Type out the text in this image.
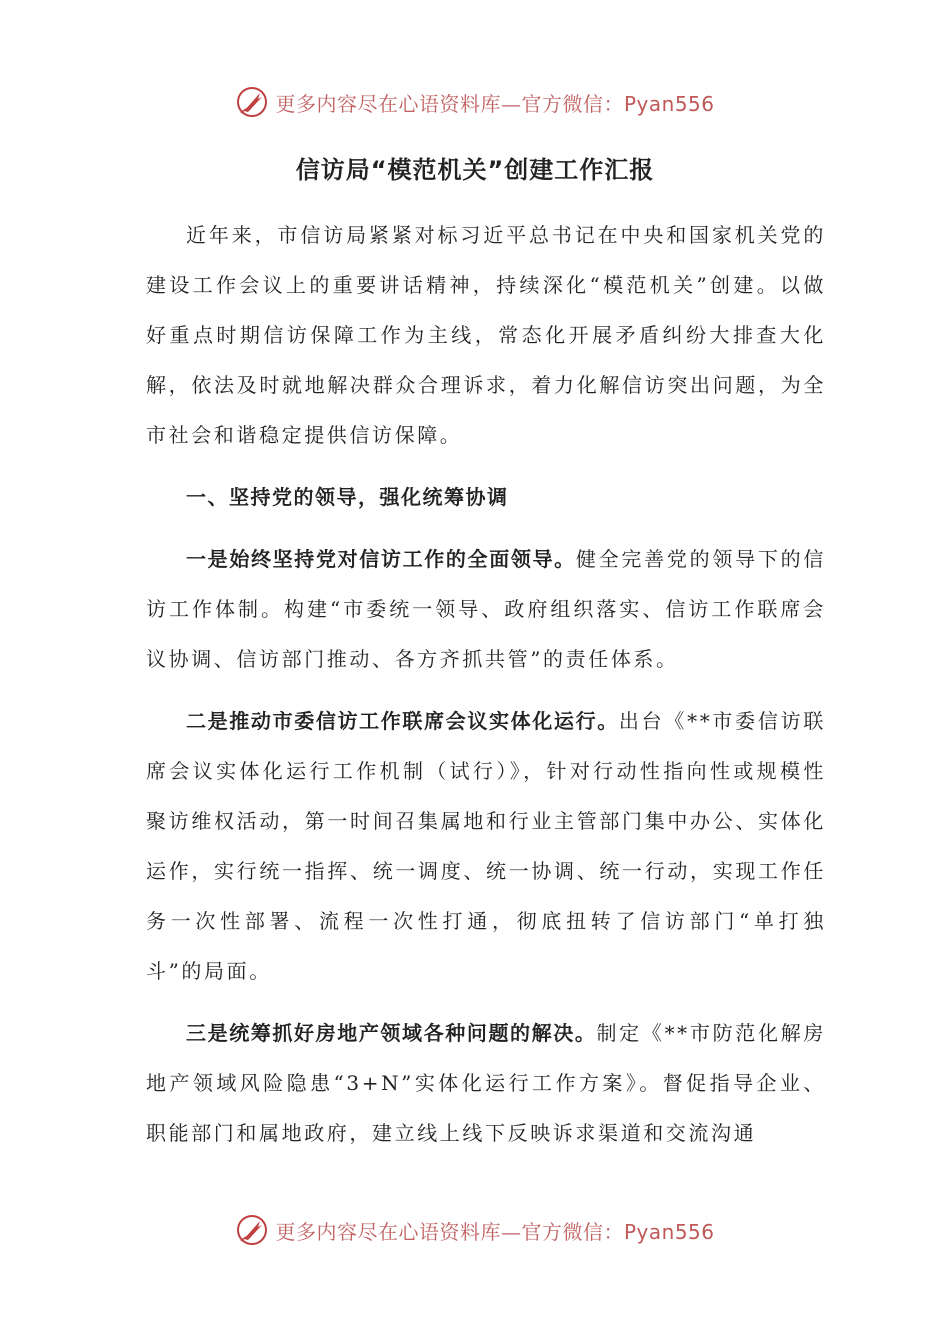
更多内容尽在心语资料库—官方微信：Pyan556
信访局“模范机关”创建工作汇报

近年来，市信访局紧紧对标习近平总书记在中央和国家机关党的建设工作会议上的重要讲话精神，持续深化“模范机关”创建。以做好重点时期信访保障工作为主线，常态化开展矛盾纠纷大排查大化解，依法及时就地解决群众合理诉求，着力化解信访突出问题，为全市社会和谐稳定提供信访保障。

一、坚持党的领导，强化统筹协调

一是始终坚持党对信访工作的全面领导。健全完善党的领导下的信访工作体制。构建“市委统一领导、政府组织落实、信访工作联席会议协调、信访部门推动、各方齐抓共管”的责任体系。

二是推动市委信访工作联席会议实体化运行。出台《**市委信访联席会议实体化运行工作机制（试行）》，针对行动性指向性或规模性聚访维权活动，第一时间召集属地和行业主管部门集中办公、实体化运作，实行统一指挥、统一调度、统一协调、统一行动，实现工作任务一次性部署、流程一次性打通，彻底扭转了信访部门“单打独斗”的局面。

三是统筹抓好房地产领域各种问题的解决。制定《**市防范化解房地产领域风险隐患“3+N”实体化运行工作方案》。督促指导企业、职能部门和属地政府，建立线上线下反映诉求渠道和交流沟通

更多内容尽在心语资料库—官方微信：Pyan556
